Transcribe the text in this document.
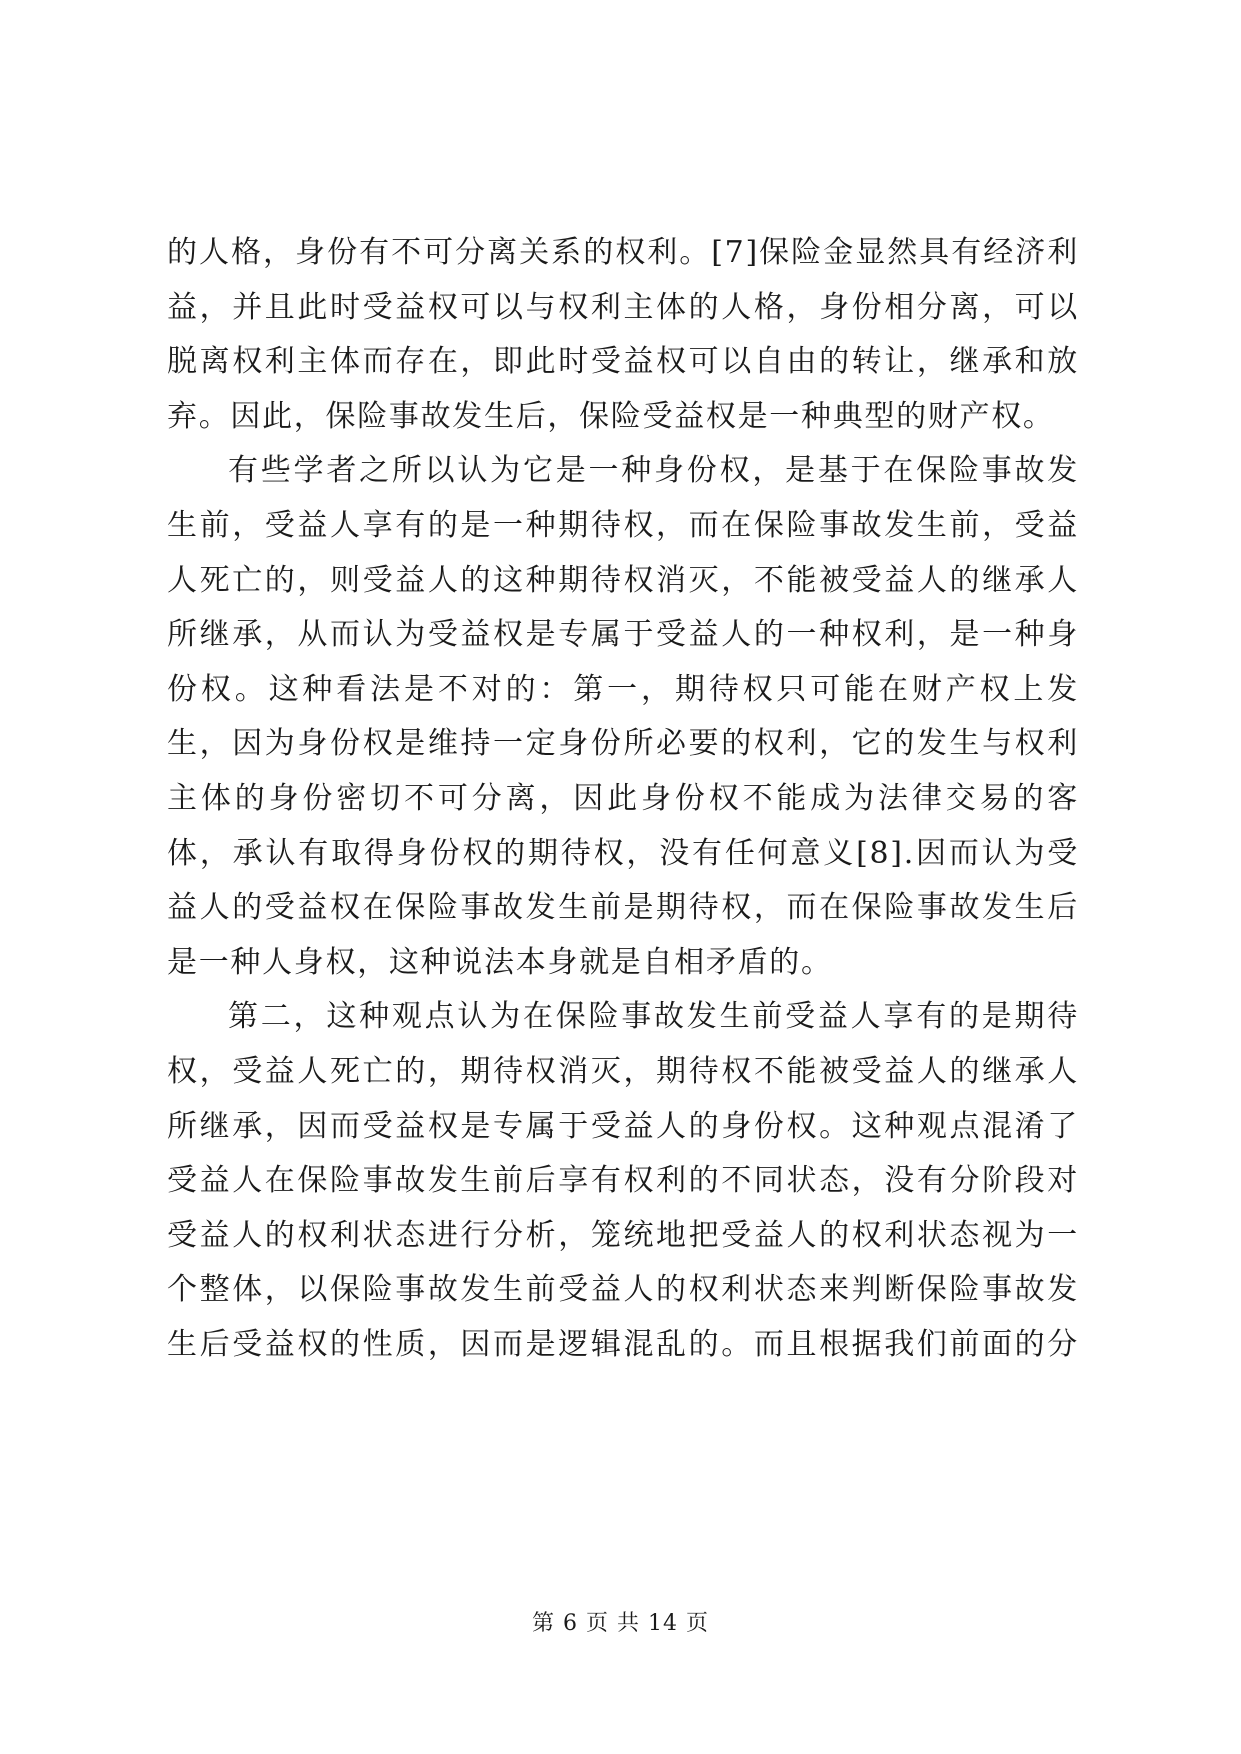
的人格，身份有不可分离关系的权利。[7]保险金显然具有经济利益，并且此时受益权可以与权利主体的人格，身份相分离，可以脱离权利主体而存在，即此时受益权可以自由的转让，继承和放弃。因此，保险事故发生后，保险受益权是一种典型的财产权。

有些学者之所以认为它是一种身份权，是基于在保险事故发生前，受益人享有的是一种期待权，而在保险事故发生前，受益人死亡的，则受益人的这种期待权消灭，不能被受益人的继承人所继承，从而认为受益权是专属于受益人的一种权利，是一种身份权。这种看法是不对的：第一，期待权只可能在财产权上发生，因为身份权是维持一定身份所必要的权利，它的发生与权利主体的身份密切不可分离，因此身份权不能成为法律交易的客体，承认有取得身份权的期待权，没有任何意义[8].因而认为受益人的受益权在保险事故发生前是期待权，而在保险事故发生后是一种人身权，这种说法本身就是自相矛盾的。

第二，这种观点认为在保险事故发生前受益人享有的是期待权，受益人死亡的，期待权消灭，期待权不能被受益人的继承人所继承，因而受益权是专属于受益人的身份权。这种观点混淆了受益人在保险事故发生前后享有权利的不同状态，没有分阶段对受益人的权利状态进行分析，笼统地把受益人的权利状态视为一个整体，以保险事故发生前受益人的权利状态来判断保险事故发生后受益权的性质，因而是逻辑混乱的。而且根据我们前面的分

第 6 页 共 14 页
